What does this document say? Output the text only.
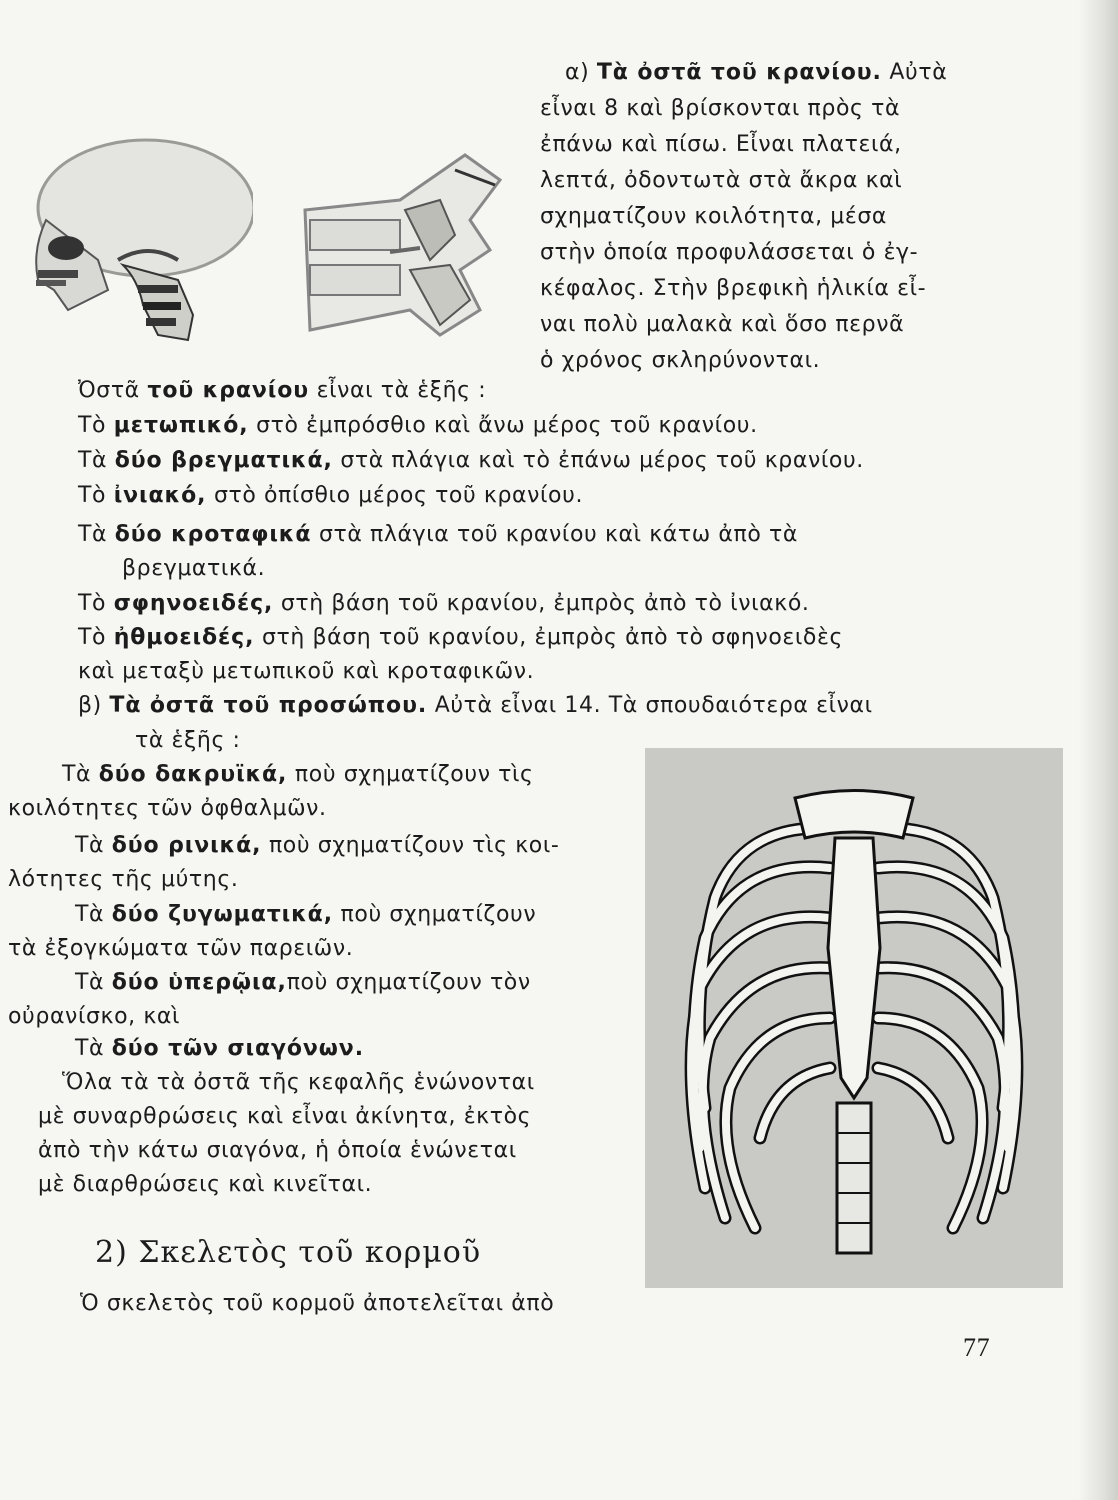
α) Τὰ ὀστᾶ τοῦ κρανίου. Αὐτὰ
εἶναι 8 καὶ βρίσκονται πρὸς τὰ
ἐπάνω καὶ πίσω. Εἶναι πλατειά,
λεπτά, ὀδοντωτὰ στὰ ἄκρα καὶ
σχηματίζουν κοιλότητα, μέσα
στὴν ὁποία προφυλάσσεται ὁ ἐγ-
κέφαλος. Στὴν βρεφικὴ ἡλικία εἶ-
ναι πολὺ μαλακὰ καὶ ὅσο περνᾶ
ὁ χρόνος σκληρύνονται.
Ὀστᾶ τοῦ κρανίου εἶναι τὰ ἑξῆς :
Τὸ μετωπικό, στὸ ἐμπρόσθιο καὶ ἄνω μέρος τοῦ κρανίου.
Τὰ δύο βρεγματικά, στὰ πλάγια καὶ τὸ ἐπάνω μέρος τοῦ κρανίου.
Τὸ ἰνιακό, στὸ ὀπίσθιο μέρος τοῦ κρανίου.
Τὰ δύο κροταφικά στὰ πλάγια τοῦ κρανίου καὶ κάτω ἀπὸ τὰ
βρεγματικά.
Τὸ σφηνοειδές, στὴ βάση τοῦ κρανίου, ἐμπρὸς ἀπὸ τὸ ἰνιακό.
Τὸ ἠθμοειδές, στὴ βάση τοῦ κρανίου, ἐμπρὸς ἀπὸ τὸ σφηνοειδὲς
καὶ μεταξὺ μετωπικοῦ καὶ κροταφικῶν.
β) Τὰ ὀστᾶ τοῦ προσώπου. Αὐτὰ εἶναι 14. Τὰ σπουδαιότερα εἶναι
τὰ ἑξῆς :
Τὰ δύο δακρυϊκά, ποὺ σχηματίζουν τὶς
κοιλότητες τῶν ὀφθαλμῶν.
Τὰ δύο ρινικά, ποὺ σχηματίζουν τὶς κοι-
λότητες τῆς μύτης.
Τὰ δύο ζυγωματικά, ποὺ σχηματίζουν
τὰ ἐξογκώματα τῶν παρειῶν.
Τὰ δύο ὑπερῷια,ποὺ σχηματίζουν τὸν
οὐρανίσκο, καὶ
Τὰ δύο τῶν σιαγόνων.
Ὅλα τὰ τὰ ὀστᾶ τῆς κεφαλῆς ἑνώνονται
μὲ συναρθρώσεις καὶ εἶναι ἀκίνητα, ἐκτὸς
ἀπὸ τὴν κάτω σιαγόνα, ἡ ὁποία ἑνώνεται
μὲ διαρθρώσεις καὶ κινεῖται.
2) Σκελετὸς τοῦ κορμοῦ
Ὁ σκελετὸς τοῦ κορμοῦ ἀποτελεῖται ἀπὸ
77
